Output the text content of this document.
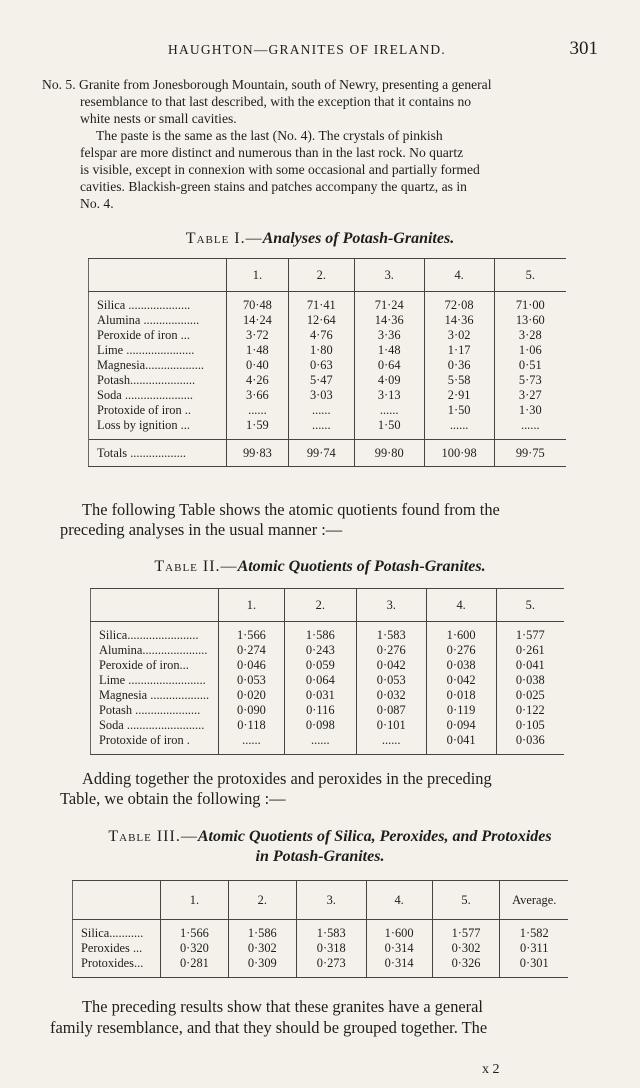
HAUGHTON—GRANITES OF IRELAND.	301
No. 5. Granite from Jonesborough Mountain, south of Newry, presenting a general
resemblance to that last described, with the exception that it contains no
white nests or small cavities.
The paste is the same as the last (No. 4). The crystals of pinkish
felspar are more distinct and numerous than in the last rock. No quartz
is visible, except in connexion with some occasional and partially formed
cavities. Blackish-green stains and patches accompany the quartz, as in
No. 4.
Table I.—Analyses of Potash-Granites.
	1.	2.	3.	4.	5.

Silica ....................	70·48	71·41	71·24	72·08	71·00

Alumina ..................	14·24	12·64	14·36	14·36	13·60

Peroxide of iron ...	3·72	4·76	3·36	3·02	3·28

Lime ......................	1·48	1·80	1·48	1·17	1·06

Magnesia...................	0·40	0·63	0·64	0·36	0·51

Potash.....................	4·26	5·47	4·09	5·58	5·73

Soda ......................	3·66	3·03	3·13	2·91	3·27

Protoxide of iron ..	......	......	......	1·50	1·30

Loss by ignition ...	1·59	......	1·50	......	......

Totals ..................	99·83	99·74	99·80	100·98	99·75
The following Table shows the atomic quotients found from the
preceding analyses in the usual manner :—
Table II.—Atomic Quotients of Potash-Granites.
	1.	2.	3.	4.	5.

Silica.......................	1·566	1·586	1·583	1·600	1·577

Alumina.....................	0·274	0·243	0·276	0·276	0·261

Peroxide of iron...	0·046	0·059	0·042	0·038	0·041

Lime .........................	0·053	0·064	0·053	0·042	0·038

Magnesia ...................	0·020	0·031	0·032	0·018	0·025

Potash .....................	0·090	0·116	0·087	0·119	0·122

Soda .........................	0·118	0·098	0·101	0·094	0·105

Protoxide of iron .	......	......	......	0·041	0·036
Adding together the protoxides and peroxides in the preceding
Table, we obtain the following :—
Table III.—Atomic Quotients of Silica, Peroxides, and Protoxides
in Potash-Granites.
	1.	2.	3.	4.	5.	Average.

Silica...........	1·566	1·586	1·583	1·600	1·577	1·582

Peroxides ...	0·320	0·302	0·318	0·314	0·302	0·311

Protoxides...	0·281	0·309	0·273	0·314	0·326	0·301
The preceding results show that these granites have a general
family resemblance, and that they should be grouped together. The
x 2
